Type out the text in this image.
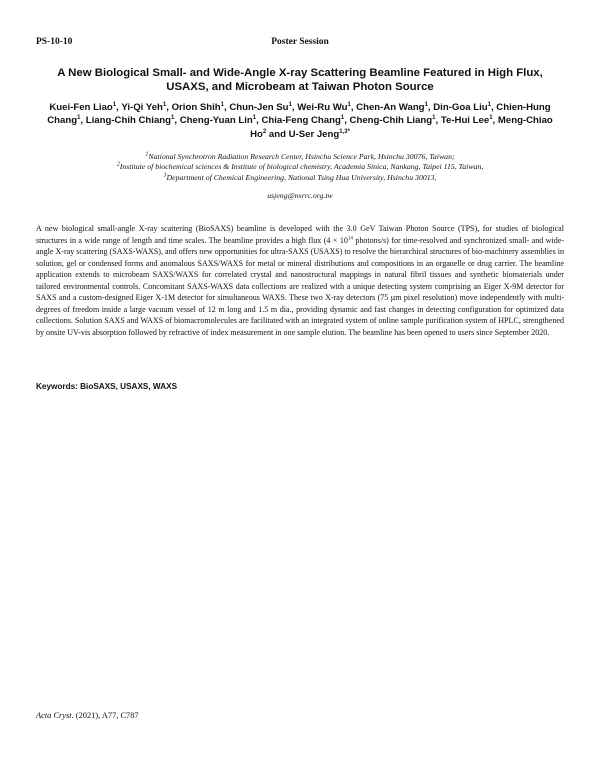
PS-10-10	Poster Session
A New Biological Small- and Wide-Angle X-ray Scattering Beamline Featured in High Flux,
USAXS, and Microbeam at Taiwan Photon Source
Kuei-Fen Liao$^1$, Yi-Qi Yeh$^1$, Orion Shih$^1$, Chun-Jen Su$^1$, Wei-Ru Wu$^1$, Chen-An Wang$^1$, Din-Goa Liu$^1$, Chien-Hung Chang$^1$, Liang-Chih Chiang$^1$, Cheng-Yuan Lin$^1$, Chia-Feng Chang$^1$, Cheng-Chih Liang$^1$, Te-Hui Lee$^1$, Meng-Chiao Ho$^2$ and U-Ser Jeng$^{1,3*}$
$^1$National Synchrotron Radiation Research Center, Hsinchu Science Park, Hsinchu 30076, Taiwan;
$^2$Institute of biochemical sciences & Institute of biological chemistry, Academia Sinica, Nankang, Taipei 115, Taiwan,
$^3$Department of Chemical Engineering, National Tsing Hua University, Hsinchu 30013,
usjeng@nsrrc.org.tw

A new biological small-angle X-ray scattering (BioSAXS) beamline is developed with the 3.0 GeV Taiwan Photon Source (TPS), for studies of biological structures in a wide range of length and time scales. The beamline provides a high flux ($4 \times 10^{14}$ photons/s) for time-resolved and synchronized small- and wide-angle X-ray scattering (SAXS-WAXS), and offers new opportunities for ultra-SAXS (USAXS) to resolve the hierarchical structures of bio-machinery assemblies in solution, gel or condensed forms and anomalous SAXS/WAXS for metal or mineral distributions and compositions in an organelle or drug carrier. The beamline application extends to microbeam SAXS/WAXS for correlated crystal and nanostructural mappings in natural fibril tissues and synthetic biomaterials under tailored environmental controls. Concomitant SAXS-WAXS data collections are realized with a unique detecting system comprising an Eiger X-9M detector for SAXS and a custom-designed Eiger X-1M detector for simultaneous WAXS. These two X-ray detectors (75 µm pixel resolution) move independently with multi-degrees of freedom inside a large vacuum vessel of 12 m long and 1.5 m dia., providing dynamic and fast changes in detecting configuration for optimized data collections. Solution SAXS and WAXS of biomacromolecules are facilitated with an integrated system of online sample purification system of HPLC, strengthened by onsite UV-vis absorption followed by refractive of index measurement in one sample elution. The beamline has been opened to users since September 2020.

Keywords: BioSAXS, USAXS, WAXS
Acta Cryst. (2021), A77, C787
